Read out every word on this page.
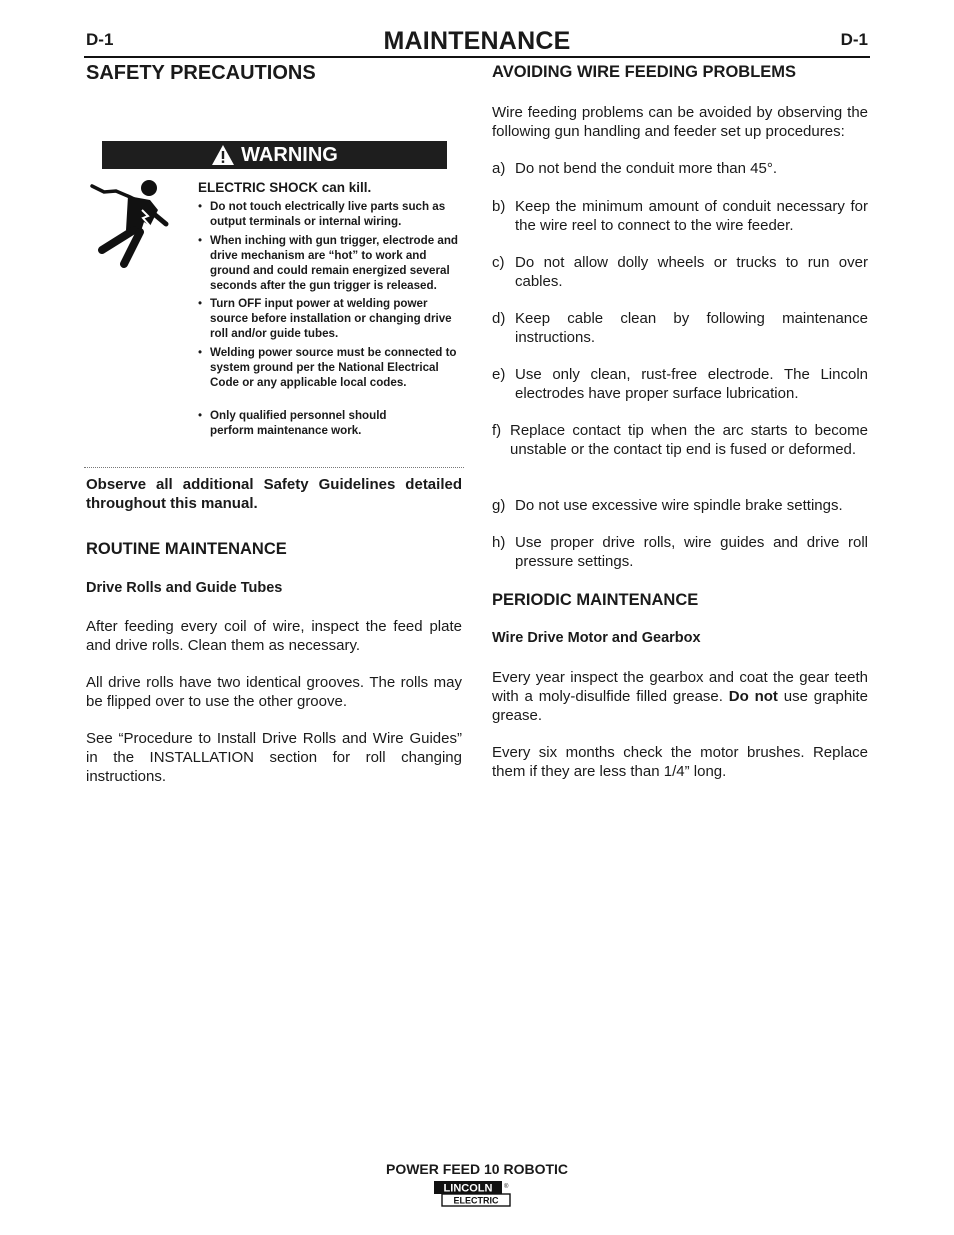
D-1	MAINTENANCE	D-1
SAFETY PRECAUTIONS
WARNING
ELECTRIC SHOCK can kill.
• Do not touch electrically live parts such as output terminals or internal wiring.
• When inching with gun trigger, electrode and drive mechanism are “hot” to work and ground and could remain energized several seconds after the gun trigger is released.
• Turn OFF input power at welding power source before installation or changing drive roll and/or guide tubes.
• Welding power source must be connected to system ground per the National Electrical Code or any applicable local codes.
• Only qualified personnel should perform maintenance work.
Observe all additional Safety Guidelines detailed throughout this manual.
ROUTINE MAINTENANCE
Drive Rolls and Guide Tubes
After feeding every coil of wire, inspect the feed plate and drive rolls. Clean them as necessary.
All drive rolls have two identical grooves. The rolls may be flipped over to use the other groove.
See “Procedure to Install Drive Rolls and Wire Guides” in the INSTALLATION section for roll changing instructions.
AVOIDING WIRE FEEDING PROBLEMS
Wire feeding problems can be avoided by observing the following gun handling and feeder set up procedures:
a) Do not bend the conduit more than 45°.
b) Keep the minimum amount of conduit necessary for the wire reel to connect to the wire feeder.
c) Do not allow dolly wheels or trucks to run over cables.
d) Keep cable clean by following maintenance instructions.
e) Use only clean, rust-free electrode. The Lincoln electrodes have proper surface lubrication.
f) Replace contact tip when the arc starts to become unstable or the contact tip end is fused or deformed.
g) Do not use excessive wire spindle brake settings.
h) Use proper drive rolls, wire guides and drive roll pressure settings.
PERIODIC MAINTENANCE
Wire Drive Motor and Gearbox
Every year inspect the gearbox and coat the gear teeth with a moly-disulfide filled grease. Do not use graphite grease.
Every six months check the motor brushes. Replace them if they are less than 1/4” long.
POWER FEED 10 ROBOTIC
LINCOLN
ELECTRIC
®
